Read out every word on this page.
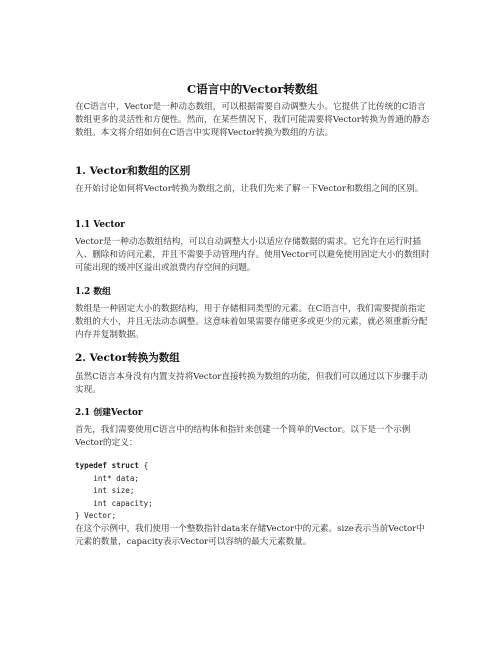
C语言中的Vector转数组

在C语言中，Vector是一种动态数组，可以根据需要自动调整大小。它提供了比传统的C语言数组更多的灵活性和方便性。然而，在某些情况下，我们可能需要将Vector转换为普通的静态数组。本文将介绍如何在C语言中实现将Vector转换为数组的方法。

1. Vector和数组的区别

在开始讨论如何将Vector转换为数组之前，让我们先来了解一下Vector和数组之间的区别。

1.1 Vector

Vector是一种动态数组结构，可以自动调整大小以适应存储数据的需求。它允许在运行时插入、删除和访问元素，并且不需要手动管理内存。使用Vector可以避免使用固定大小的数组时可能出现的缓冲区溢出或浪费内存空间的问题。

1.2 数组

数组是一种固定大小的数据结构，用于存储相同类型的元素。在C语言中，我们需要提前指定数组的大小，并且无法动态调整。这意味着如果需要存储更多或更少的元素，就必须重新分配内存并复制数据。

2. Vector转换为数组

虽然C语言本身没有内置支持将Vector直接转换为数组的功能，但我们可以通过以下步骤手动实现。

2.1 创建Vector

首先，我们需要使用C语言中的结构体和指针来创建一个简单的Vector。以下是一个示例Vector的定义：

typedef struct {
int* data;
int size;
int capacity;
} Vector;

在这个示例中，我们使用一个整数指针data来存储Vector中的元素。size表示当前Vector中元素的数量，capacity表示Vector可以容纳的最大元素数量。
